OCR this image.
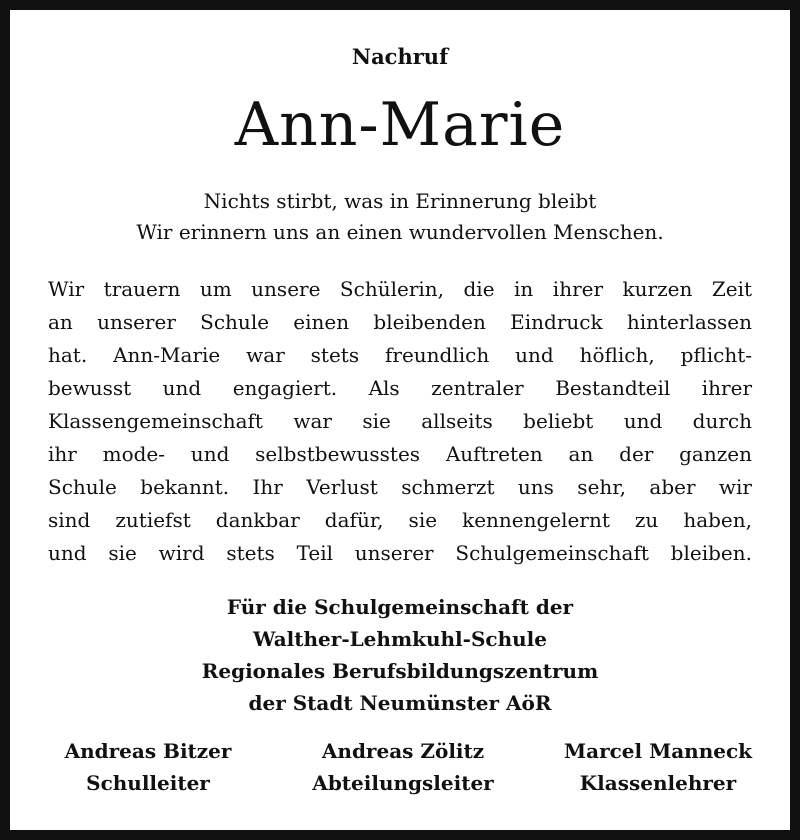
Nachruf
Ann-Marie
Nichts stirbt, was in Erinnerung bleibt
Wir erinnern uns an einen wundervollen Menschen.
Wir trauern um unsere Schülerin, die in ihrer kurzen Zeit
an unserer Schule einen bleibenden Eindruck hinterlassen
hat. Ann-Marie war stets freundlich und höflich, pflicht-
bewusst und engagiert. Als zentraler Bestandteil ihrer
Klassengemeinschaft war sie allseits beliebt und durch
ihr mode- und selbstbewusstes Auftreten an der ganzen
Schule bekannt. Ihr Verlust schmerzt uns sehr, aber wir
sind zutiefst dankbar dafür, sie kennengelernt zu haben,
und sie wird stets Teil unserer Schulgemeinschaft bleiben.
Für die Schulgemeinschaft der
Walther-Lehmkuhl-Schule
Regionales Berufsbildungszentrum
der Stadt Neumünster AöR
Andreas Bitzer
Schulleiter
Andreas Zölitz
Abteilungsleiter
Marcel Manneck
Klassenlehrer
